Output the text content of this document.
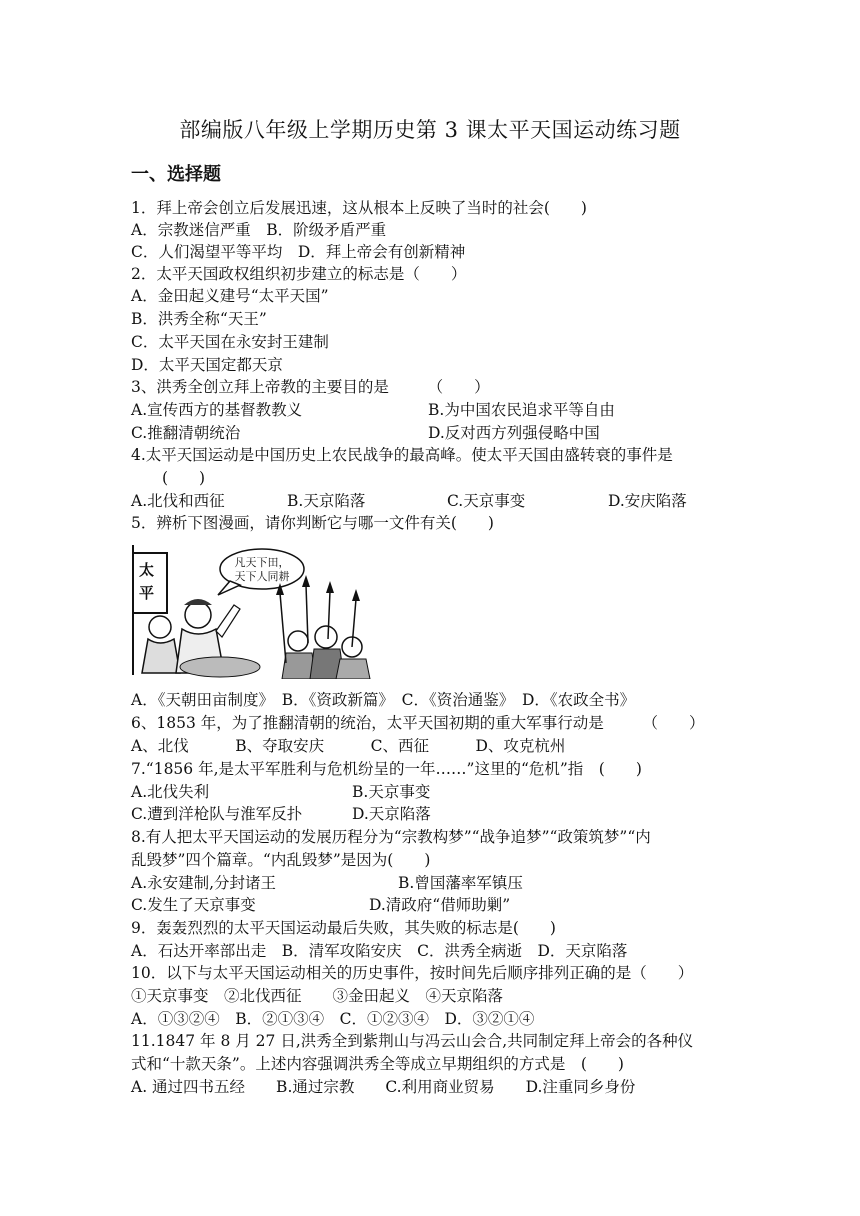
部编版八年级上学期历史第 3 课太平天国运动练习题
一、选择题
1．拜上帝会创立后发展迅速，这从根本上反映了当时的社会(　　)
A．宗教迷信严重　B．阶级矛盾严重
C．人们渴望平等平均　D．拜上帝会有创新精神
2．太平天国政权组织初步建立的标志是（　　）
A．金田起义建号“太平天国”
B．洪秀全称“天王”
C．太平天国在永安封王建制
D．太平天国定都天京
3、洪秀全创立拜上帝教的主要目的是　　　（　　）
A.宣传西方的基督教教义	B.为中国农民追求平等自由
C.推翻清朝统治	D.反对西方列强侵略中国
4.太平天国运动是中国历史上农民战争的最高峰。使太平天国由盛转衰的事件是
(　　)
A.北伐和西征	B.天京陷落	C.天京事变	D.安庆陷落
5．辨析下图漫画，请你判断它与哪一文件有关(　　)
太
平
凡天下田，
天下人同耕
A．《天朝田亩制度》　B．《资政新篇》　C．《资治通鉴》　D．《农政全书》
6、1853 年，为了推翻清朝的统治，太平天国初期的重大军事行动是　　　（　　）
A、北伐　　　B、夺取安庆　　　C、西征　　　D、攻克杭州
7.“1856 年,是太平军胜利与危机纷呈的一年……”这里的“危机”指　(　　)
A.北伐失利	B.天京事变
C.遭到洋枪队与淮军反扑	D.天京陷落
8.有人把太平天国运动的发展历程分为“宗教构梦”“战争追梦”“政策筑梦”“内
乱毁梦”四个篇章。“内乱毁梦”是因为(　　)
A.永安建制,分封诸王	B.曾国藩率军镇压
C.发生了天京事变	D.清政府“借师助剿”
9．轰轰烈烈的太平天国运动最后失败，其失败的标志是(　　)
A．石达开率部出走　B．清军攻陷安庆　C．洪秀全病逝　D．天京陷落
10．以下与太平天国运动相关的历史事件，按时间先后顺序排列正确的是（　　）
①天京事变　②北伐西征　　③金田起义　④天京陷落
A．①③②④　B．②①③④　C．①②③④　D．③②①④
11.1847 年 8 月 27 日,洪秀全到紫荆山与冯云山会合,共同制定拜上帝会的各种仪
式和“十款天条”。上述内容强调洪秀全等成立早期组织的方式是　(　　)
A. 通过四书五经　　B.通过宗教　　C.利用商业贸易　　D.注重同乡身份
